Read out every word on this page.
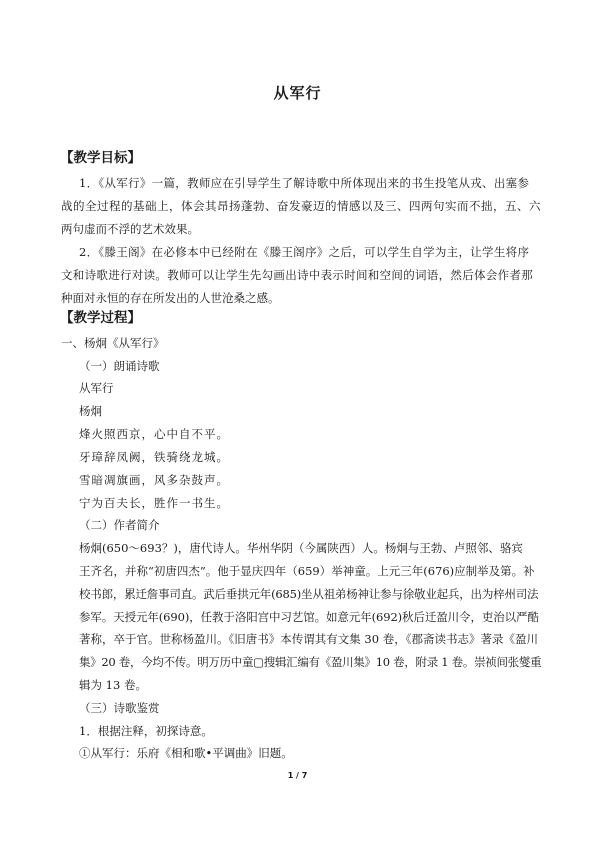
从军行
【教学目标】
1．《从军行》一篇，教师应在引导学生了解诗歌中所体现出来的书生投笔从戎、出塞参
战的全过程的基础上，体会其昂扬蓬勃、奋发豪迈的情感以及三、四两句实而不拙，五、六
两句虚而不浮的艺术效果。
2．《滕王阁》在必修本中已经附在《滕王阁序》之后，可以学生自学为主，让学生将序
文和诗歌进行对读。教师可以让学生先勾画出诗中表示时间和空间的词语，然后体会作者那
种面对永恒的存在所发出的人世沧桑之感。
【教学过程】
一、杨炯《从军行》
（一）朗诵诗歌
从军行
杨炯
烽火照西京，心中自不平。
牙璋辞凤阙，铁骑绕龙城。
雪暗凋旗画，风多杂鼓声。
宁为百夫长，胜作一书生。
（二）作者简介
杨炯(650～693？)，唐代诗人。华州华阴（今属陕西）人。杨炯与王勃、卢照邻、骆宾
王齐名，并称“初唐四杰”。他于显庆四年（659）举神童。上元三年(676)应制举及第。补
校书郎，累迁詹事司直。武后垂拱元年(685)坐从祖弟杨神让参与徐敬业起兵，出为梓州司法
参军。天授元年(690)，任教于洛阳宫中习艺馆。如意元年(692)秋后迁盈川令，吏治以严酷
著称，卒于官。世称杨盈川。《旧唐书》本传谓其有文集 30 卷，《郡斋读书志》著录《盈川
集》20 卷，今均不传。明万历中童▢搜辑汇编有《盈川集》10 卷，附录 1 卷。崇祯间张燮重
辑为 13 卷。
（三）诗歌鉴赏
1．根据注释，初探诗意。
①从军行：乐府《相和歌•平调曲》旧题。
1 / 7
